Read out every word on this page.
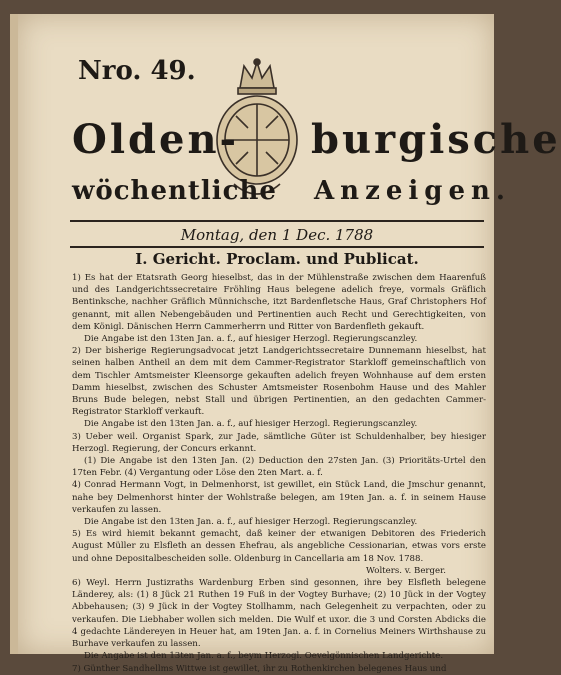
Nro. 49.
Olden- burgische
wöchentliche Anzeigen.
Montag, den 1 Dec. 1788
I. Gericht. Proclam. und Publicat.

1) Es hat der Etatsrath Georg hieselbst, das in der Mühlenstraße zwischen dem Haarenfuß und des Landgerichtssecretaire Fröhling Haus belegene adelich freye, vormals Gräflich Bentinksche, nachher Gräflich Münnichsche, itzt Bardenfletsche Haus, Graf Christophers Hof genannt, mit allen Nebengebäuden und Pertinentien auch Recht und Gerechtigkeiten, von dem Königl. Dänischen Herrn Cammerherrn und Ritter von Bardenfleth gekauft.

Die Angabe ist den 13ten Jan. a. f., auf hiesiger Herzogl. Regierungscanzley.

2) Der bisherige Regierungsadvocat jetzt Landgerichtssecretaire Dunnemann hieselbst, hat seinen halben Antheil an dem mit dem Cammer-Registrator Starkloff gemeinschaftlich von dem Tischler Amtsmeister Kleensorge gekauften adelich freyen Wohnhause auf dem ersten Damm hieselbst, zwischen des Schuster Amtsmeister Rosenbohm Hause und des Mahler Bruns Bude belegen, nebst Stall und übrigen Pertinentien, an den gedachten Cammer-Registrator Starkloff verkauft.

Die Angabe ist den 13ten Jan. a. f., auf hiesiger Herzogl. Regierungscanzley.

3) Ueber weil. Organist Spark, zur Jade, sämtliche Güter ist Schuldenhalber, bey hiesiger Herzogl. Regierung, der Concurs erkannt.

(1) Die Angabe ist den 13ten Jan. (2) Deduction den 27sten Jan. (3) Prioritäts-Urtel den 17ten Febr. (4) Vergantung oder Löse den 2ten Mart. a. f.

4) Conrad Hermann Vogt, in Delmenhorst, ist gewillet, ein Stück Land, die Jmschur genannt, nahe bey Delmenhorst hinter der Wohlstraße belegen, am 19ten Jan. a. f. in seinem Hause verkaufen zu lassen.

Die Angabe ist den 13ten Jan. a. f., auf hiesiger Herzogl. Regierungscanzley.

5) Es wird hiemit bekannt gemacht, daß keiner der etwanigen Debitoren des Friederich August Müller zu Elsfleth an dessen Ehefrau, als angebliche Cessionarian, etwas vors erste und ohne Depositalbescheiden solle. Oldenburg in Cancellaria am 18 Nov. 1788.

Wolters. v. Berger.

6) Weyl. Herrn Justizraths Wardenburg Erben sind gesonnen, ihre bey Elsfleth belegene Länderey, als: (1) 8 Jück 21 Ruthen 19 Fuß in der Vogtey Burhave; (2) 10 Jück in der Vogtey Abbehausen; (3) 9 Jück in der Vogtey Stollhamm, nach Gelegenheit zu verpachten, oder zu verkaufen. Die Liebhaber wollen sich melden. Die Wulf et uxor. die 3 und Corsten Abdicks die 4 gedachte Ländereyen in Heuer hat, am 19ten Jan. a. f. in Cornelius Meiners Wirthshause zu Burhave verkaufen zu lassen.

Die Angabe ist den 13ten Jan. a. f., beym Herzogl. Oevelgönnischen Landgerichte.

7) Günther Sandhellms Wittwe ist gewillet, ihr zu Rothenkirchen belegenes Haus und
